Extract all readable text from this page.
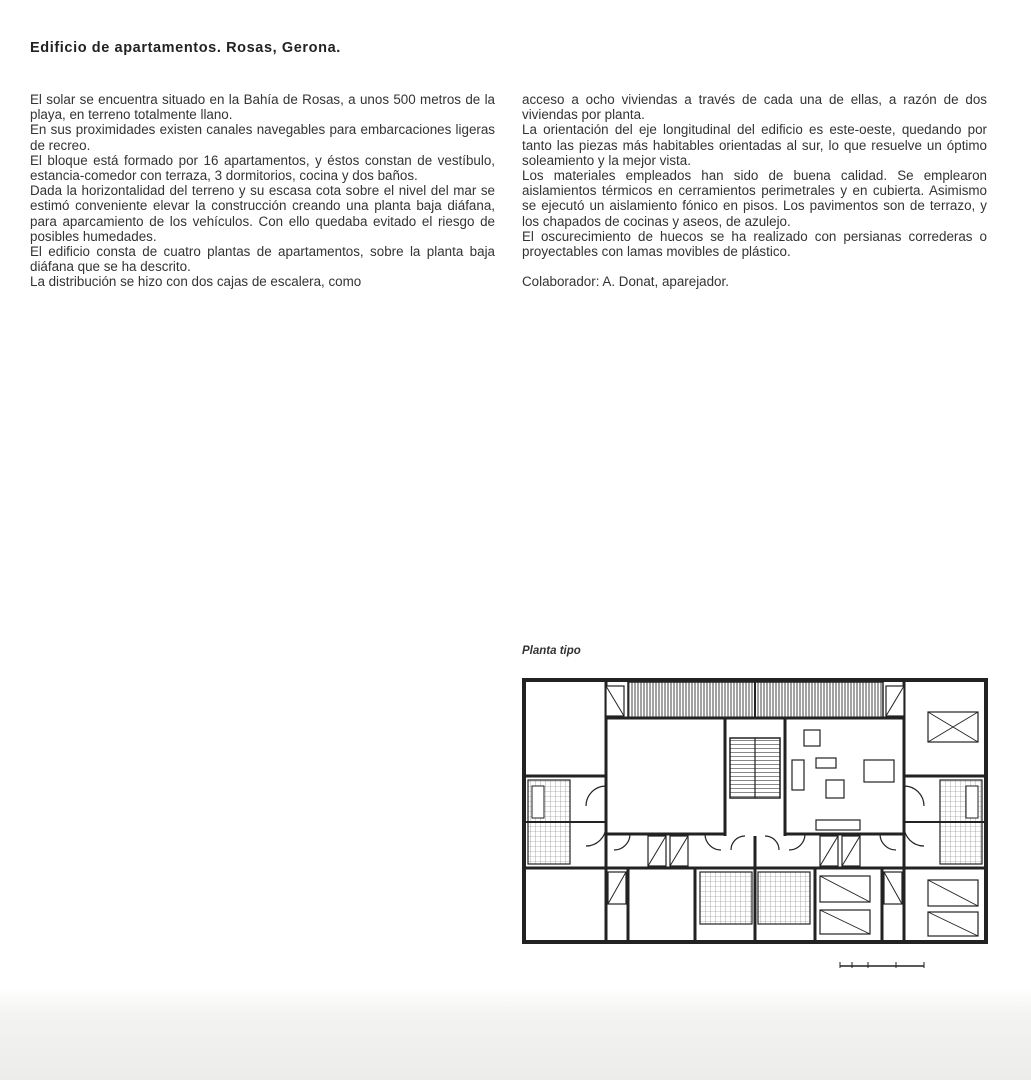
Edificio de apartamentos. Rosas, Gerona.

El solar se encuentra situado en la Bahía de Rosas, a unos 500 metros de la playa, en terreno totalmente llano.

En sus proximidades existen canales navegables para embarcaciones ligeras de recreo.

El bloque está formado por 16 apartamentos, y éstos constan de vestíbulo, estancia-comedor con terraza, 3 dormitorios, cocina y dos baños.

Dada la horizontalidad del terreno y su escasa cota sobre el nivel del mar se estimó conveniente elevar la construcción creando una planta baja diáfana, para aparcamiento de los vehículos. Con ello quedaba evitado el riesgo de posibles humedades.

El edificio consta de cuatro plantas de apartamentos, sobre la planta baja diáfana que se ha descrito.

La distribución se hizo con dos cajas de escalera, como

acceso a ocho viviendas a través de cada una de ellas, a razón de dos viviendas por planta.

La orientación del eje longitudinal del edificio es este-oeste, quedando por tanto las piezas más habitables orientadas al sur, lo que resuelve un óptimo soleamiento y la mejor vista.

Los materiales empleados han sido de buena calidad. Se emplearon aislamientos térmicos en cerramientos perimetrales y en cubierta. Asimismo se ejecutó un aislamiento fónico en pisos. Los pavimentos son de terrazo, y los chapados de cocinas y aseos, de azulejo.

El oscurecimiento de huecos se ha realizado con persianas correderas o proyectables con lamas movibles de plástico.

Colaborador: A. Donat, aparejador.

Planta tipo
